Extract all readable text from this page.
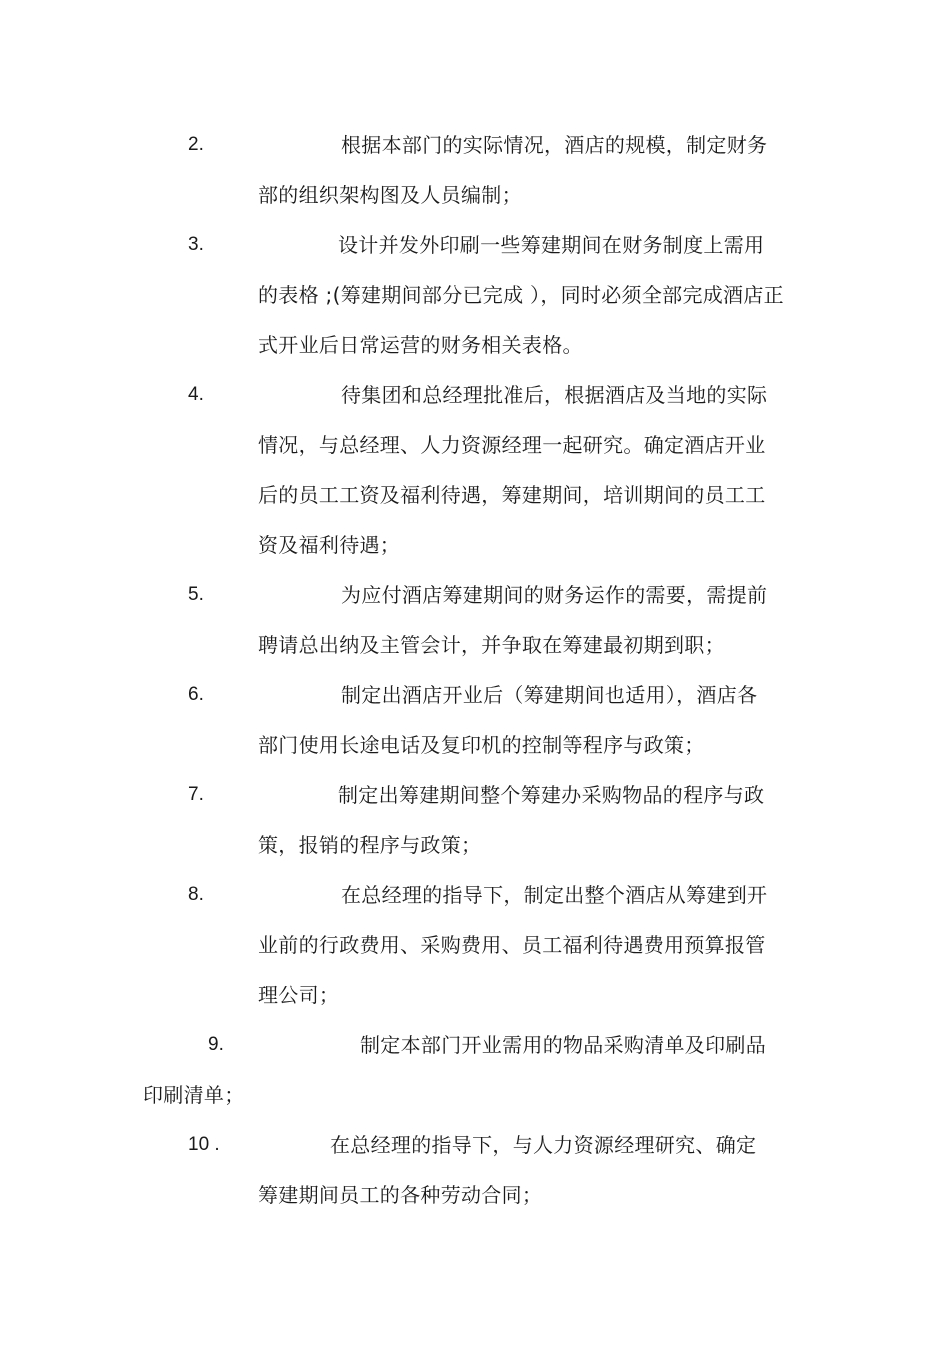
2.	根据本部门的实际情况，酒店的规模，制定财务
部的组织架构图及人员编制；
3.	设计并发外印刷一些筹建期间在财务制度上需用
的表格 ;(筹建期间部分已完成 ），同时必须全部完成酒店正
式开业后日常运营的财务相关表格。
4.	待集团和总经理批准后，根据酒店及当地的实际
情况，与总经理、人力资源经理一起研究。确定酒店开业
后的员工工资及福利待遇，筹建期间，培训期间的员工工
资及福利待遇；
5.	为应付酒店筹建期间的财务运作的需要，需提前
聘请总出纳及主管会计，并争取在筹建最初期到职；
6.	制定出酒店开业后（筹建期间也适用），酒店各
部门使用长途电话及复印机的控制等程序与政策；
7.	制定出筹建期间整个筹建办采购物品的程序与政
策，报销的程序与政策；
8.	在总经理的指导下，制定出整个酒店从筹建到开
业前的行政费用、采购费用、员工福利待遇费用预算报管
理公司；
9.	制定本部门开业需用的物品采购清单及印刷品
印刷清单；
10 .	在总经理的指导下，与人力资源经理研究、确定
筹建期间员工的各种劳动合同；
